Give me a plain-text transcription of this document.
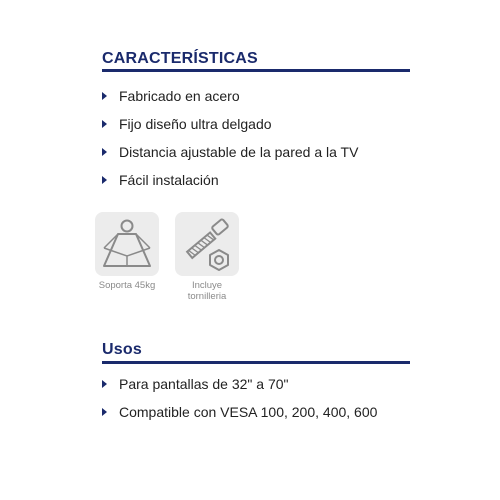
CARACTERÍSTICAS
Fabricado en acero
Fijo diseño ultra delgado
Distancia ajustable de la pared a la TV
Fácil instalación
Soporta 45kg	Incluye
tornilleria
Usos
Para pantallas de 32" a 70"
Compatible con VESA 100, 200, 400, 600
